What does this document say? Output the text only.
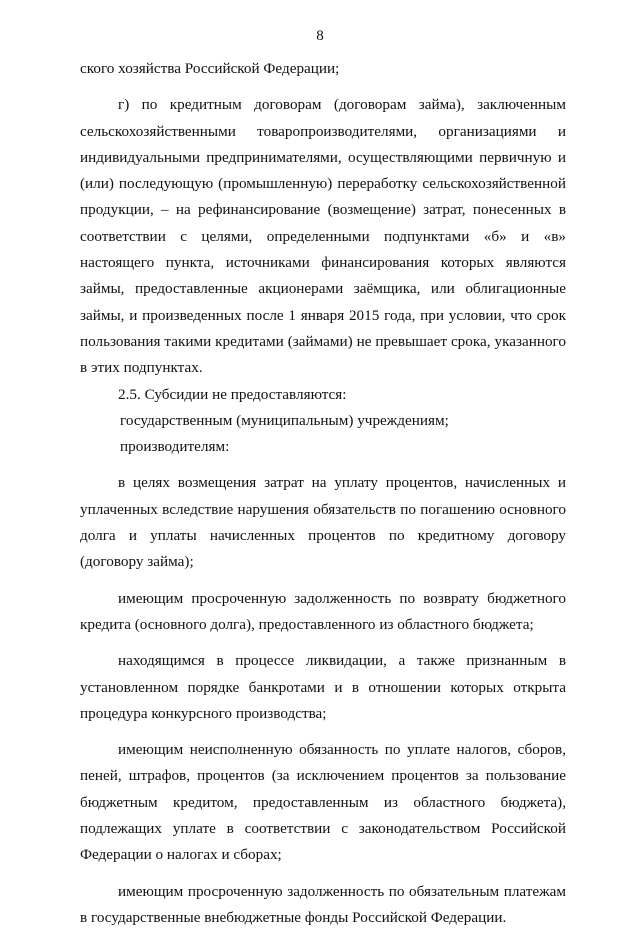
8

ского хозяйства Российской Федерации;

г) по кредитным договорам (договорам займа), заключенным сельскохозяйственными товаропроизводителями, организациями и индивидуальными предпринимателями, осуществляющими первичную и (или) последующую (промышленную) переработку сельскохозяйственной продукции, – на рефинансирование (возмещение) затрат, понесенных в соответствии с целями, определенными подпунктами «б» и «в» настоящего пункта, источниками финансирования которых являются займы, предоставленные акционерами заёмщика, или облигационные займы, и произведенных после 1 января 2015 года, при условии, что срок пользования такими кредитами (займами) не превышает срока, указанного в этих подпунктах.

2.5. Субсидии не предоставляются:

государственным (муниципальным) учреждениям;

производителям:

в целях возмещения затрат на уплату процентов, начисленных и уплаченных вследствие нарушения обязательств по погашению основного долга и уплаты начисленных процентов по кредитному договору (договору займа);

имеющим просроченную задолженность по возврату бюджетного кредита (основного долга), предоставленного из областного бюджета;

находящимся в процессе ликвидации, а также признанным в установленном порядке банкротами и в отношении которых открыта процедура конкурсного производства;

имеющим неисполненную обязанность по уплате налогов, сборов, пеней, штрафов, процентов (за исключением процентов за пользование бюджетным кредитом, предоставленным из областного бюджета), подлежащих уплате в соответствии с законодательством Российской Федерации о налогах и сборах;

имеющим просроченную задолженность по обязательным платежам в государственные внебюджетные фонды Российской Федерации.
